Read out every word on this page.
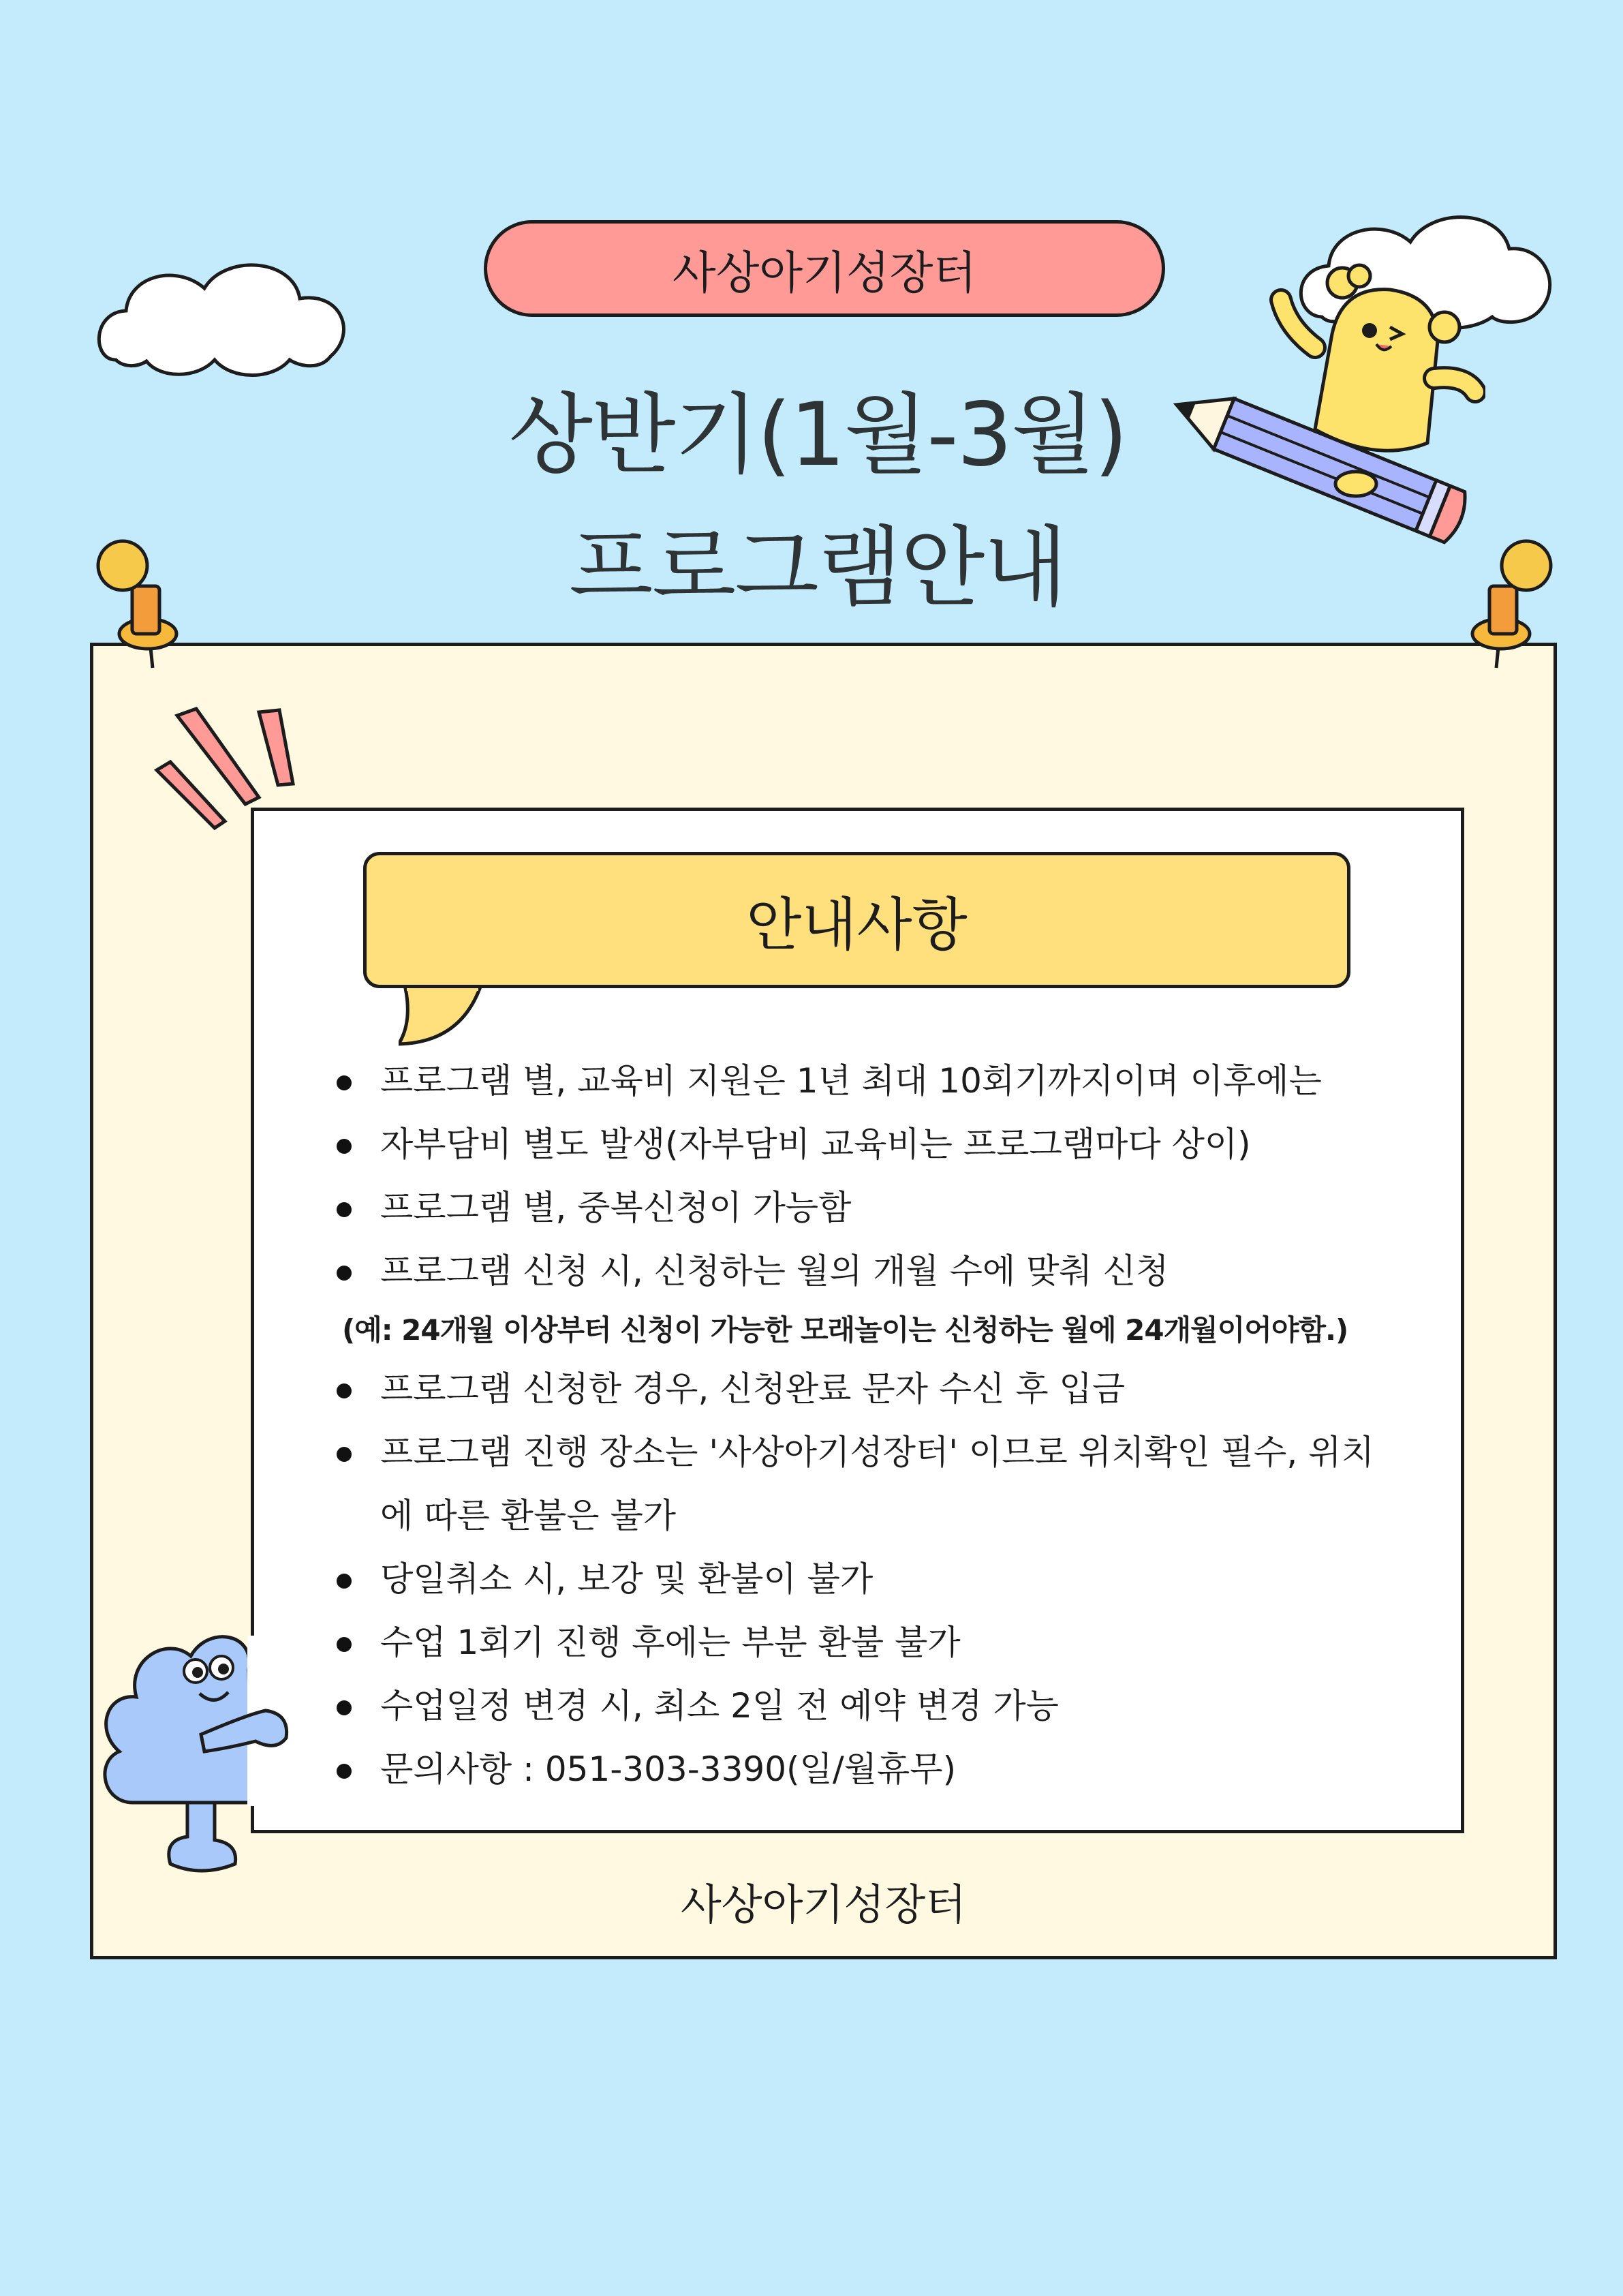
사상아기성장터
상반기(1월-3월)
프로그램안내
안내사항
프로그램 별, 교육비 지원은 1년 최대 10회기까지이며 이후에는
자부담비 별도 발생(자부담비 교육비는 프로그램마다 상이)
프로그램 별, 중복신청이 가능함
프로그램 신청 시, 신청하는 월의 개월 수에 맞춰 신청
(예: 24개월 이상부터 신청이 가능한 모래놀이는 신청하는 월에 24개월이어야함.)
프로그램 신청한 경우, 신청완료 문자 수신 후 입금
프로그램 진행 장소는 '사상아기성장터' 이므로 위치확인 필수, 위치
에 따른 환불은 불가
당일취소 시, 보강 및 환불이 불가
수업 1회기 진행 후에는 부분 환불 불가
수업일정 변경 시, 최소 2일 전 예약 변경 가능
문의사항 : 051-303-3390(일/월휴무)
사상아기성장터
